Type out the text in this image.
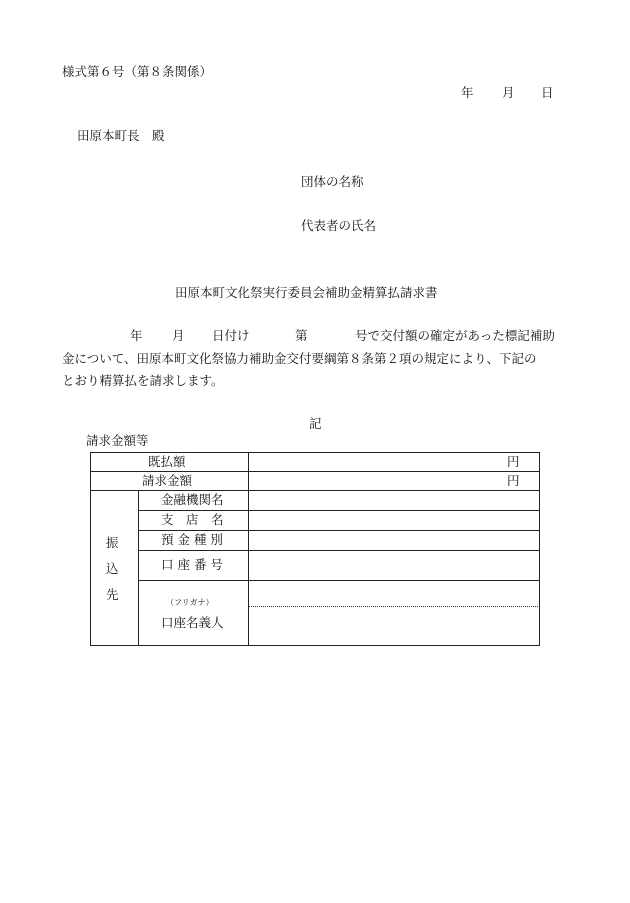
様式第６号（第８条関係）
年 月 日
田原本町長　殿
団体の名称
代表者の氏名
田原本町文化祭実行委員会補助金精算払請求書
年 月 日付け	第	号で交付額の確定があった標記補助
金について、田原本町文化祭協力補助金交付要綱第８条第２項の規定により、下記の
とおり精算払を請求します。
記
請求金額等
既払額	円
請求金額	円
振
込
先
金融機関名
支　店　名
預 金 種 別
口 座 番 号
（フリガナ）
口座名義人
